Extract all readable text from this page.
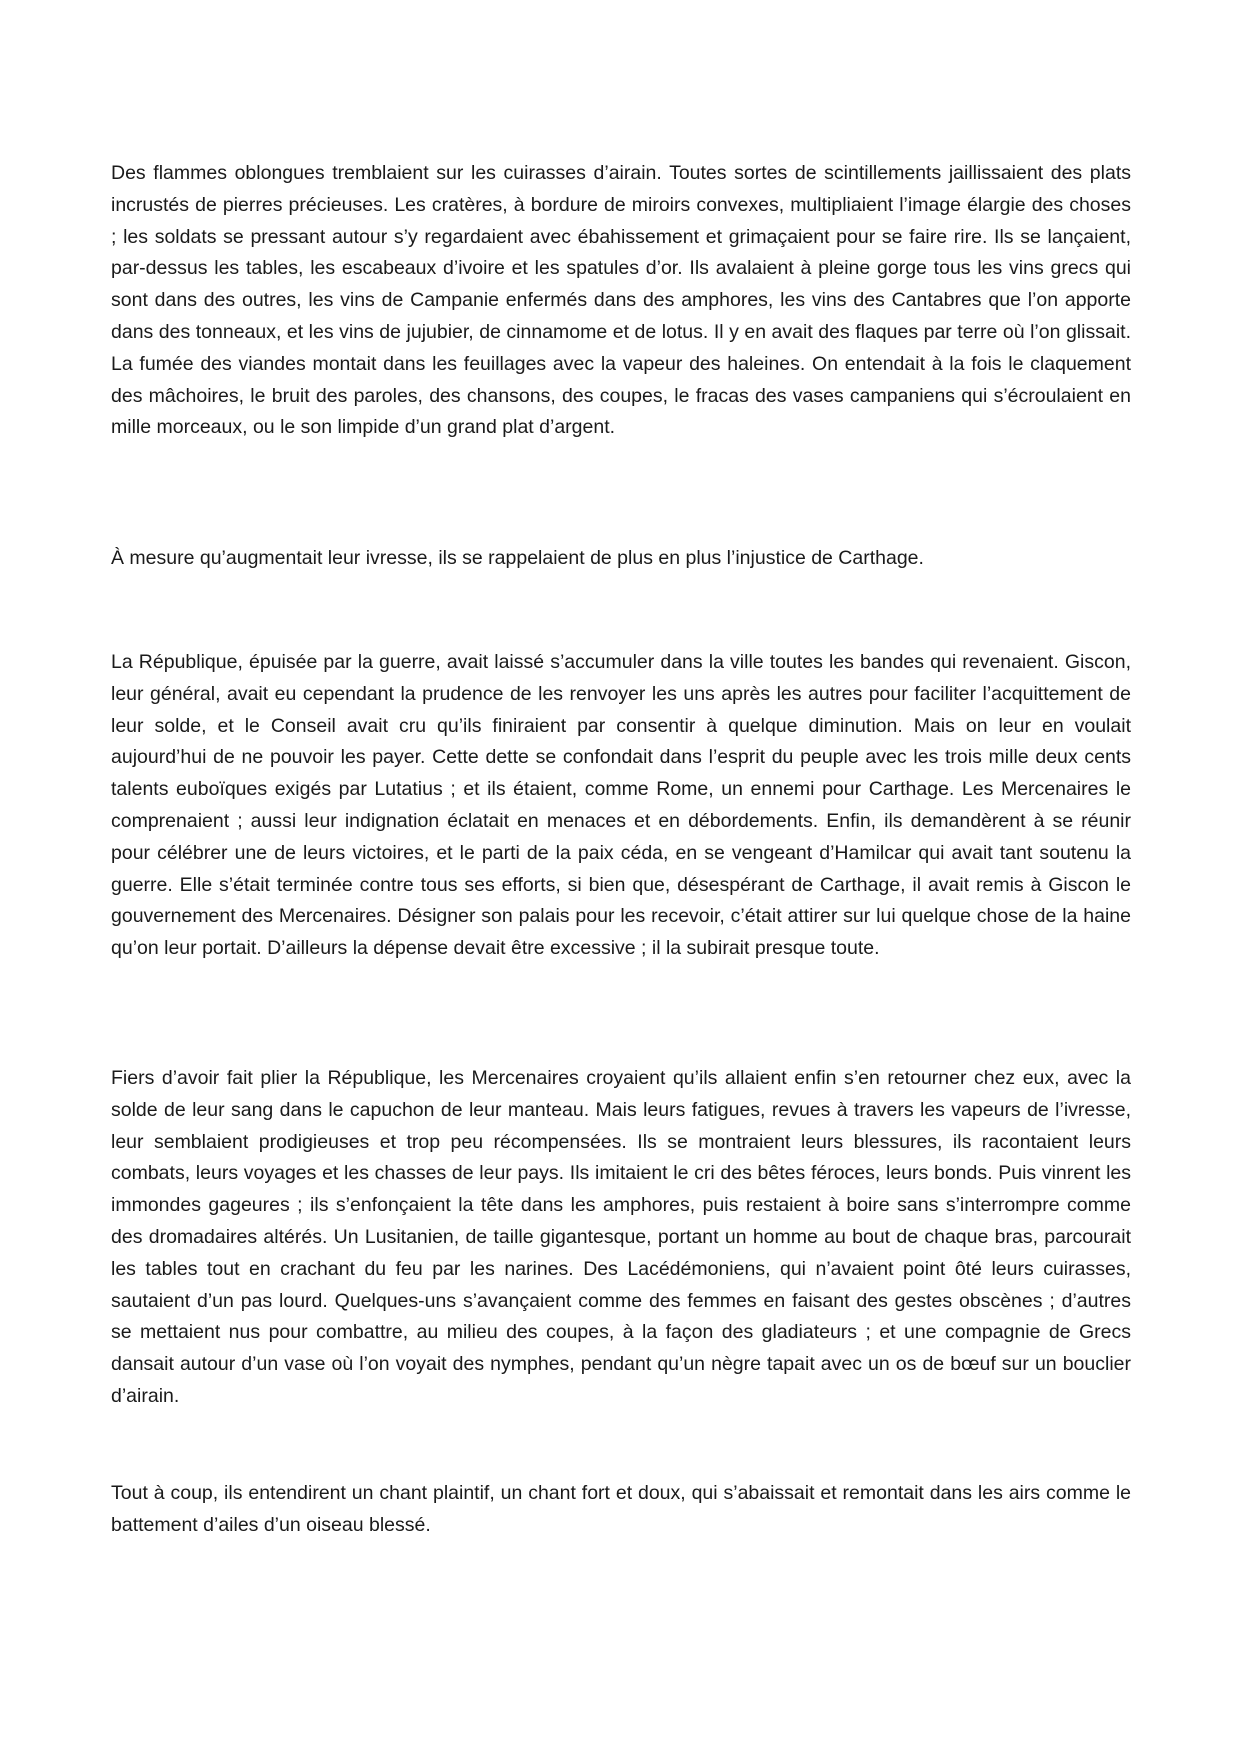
Des flammes oblongues tremblaient sur les cuirasses d’airain. Toutes sortes de scintillements jaillissaient des plats incrustés de pierres précieuses. Les cratères, à bordure de miroirs convexes, multipliaient l’image élargie des choses ; les soldats se pressant autour s’y regardaient avec ébahissement et grimaçaient pour se faire rire. Ils se lançaient, par-dessus les tables, les escabeaux d’ivoire et les spatules d’or. Ils avalaient à pleine gorge tous les vins grecs qui sont dans des outres, les vins de Campanie enfermés dans des amphores, les vins des Cantabres que l’on apporte dans des tonneaux, et les vins de jujubier, de cinnamome et de lotus. Il y en avait des flaques par terre où l’on glissait. La fumée des viandes montait dans les feuillages avec la vapeur des haleines. On entendait à la fois le claquement des mâchoires, le bruit des paroles, des chansons, des coupes, le fracas des vases campaniens qui s’écroulaient en mille morceaux, ou le son limpide d’un grand plat d’argent.

À mesure qu’augmentait leur ivresse, ils se rappelaient de plus en plus l’injustice de Carthage.

La République, épuisée par la guerre, avait laissé s’accumuler dans la ville toutes les bandes qui revenaient. Giscon, leur général, avait eu cependant la prudence de les renvoyer les uns après les autres pour faciliter l’acquittement de leur solde, et le Conseil avait cru qu’ils finiraient par consentir à quelque diminution. Mais on leur en voulait aujourd’hui de ne pouvoir les payer. Cette dette se confondait dans l’esprit du peuple avec les trois mille deux cents talents euboïques exigés par Lutatius ; et ils étaient, comme Rome, un ennemi pour Carthage. Les Mercenaires le comprenaient ; aussi leur indignation éclatait en menaces et en débordements. Enfin, ils demandèrent à se réunir pour célébrer une de leurs victoires, et le parti de la paix céda, en se vengeant d’Hamilcar qui avait tant soutenu la guerre. Elle s’était terminée contre tous ses efforts, si bien que, désespérant de Carthage, il avait remis à Giscon le gouvernement des Mercenaires. Désigner son palais pour les recevoir, c’était attirer sur lui quelque chose de la haine qu’on leur portait. D’ailleurs la dépense devait être excessive ; il la subirait presque toute.

Fiers d’avoir fait plier la République, les Mercenaires croyaient qu’ils allaient enfin s’en retourner chez eux, avec la solde de leur sang dans le capuchon de leur manteau. Mais leurs fatigues, revues à travers les vapeurs de l’ivresse, leur semblaient prodigieuses et trop peu récompensées. Ils se montraient leurs blessures, ils racontaient leurs combats, leurs voyages et les chasses de leur pays. Ils imitaient le cri des bêtes féroces, leurs bonds. Puis vinrent les immondes gageures ; ils s’enfonçaient la tête dans les amphores, puis restaient à boire sans s’interrompre comme des dromadaires altérés. Un Lusitanien, de taille gigantesque, portant un homme au bout de chaque bras, parcourait les tables tout en crachant du feu par les narines. Des Lacédémoniens, qui n’avaient point ôté leurs cuirasses, sautaient d’un pas lourd. Quelques-uns s’avançaient comme des femmes en faisant des gestes obscènes ; d’autres se mettaient nus pour combattre, au milieu des coupes, à la façon des gladiateurs ; et une compagnie de Grecs dansait autour d’un vase où l’on voyait des nymphes, pendant qu’un nègre tapait avec un os de bœuf sur un bouclier d’airain.

Tout à coup, ils entendirent un chant plaintif, un chant fort et doux, qui s’abaissait et remontait dans les airs comme le battement d’ailes d’un oiseau blessé.
